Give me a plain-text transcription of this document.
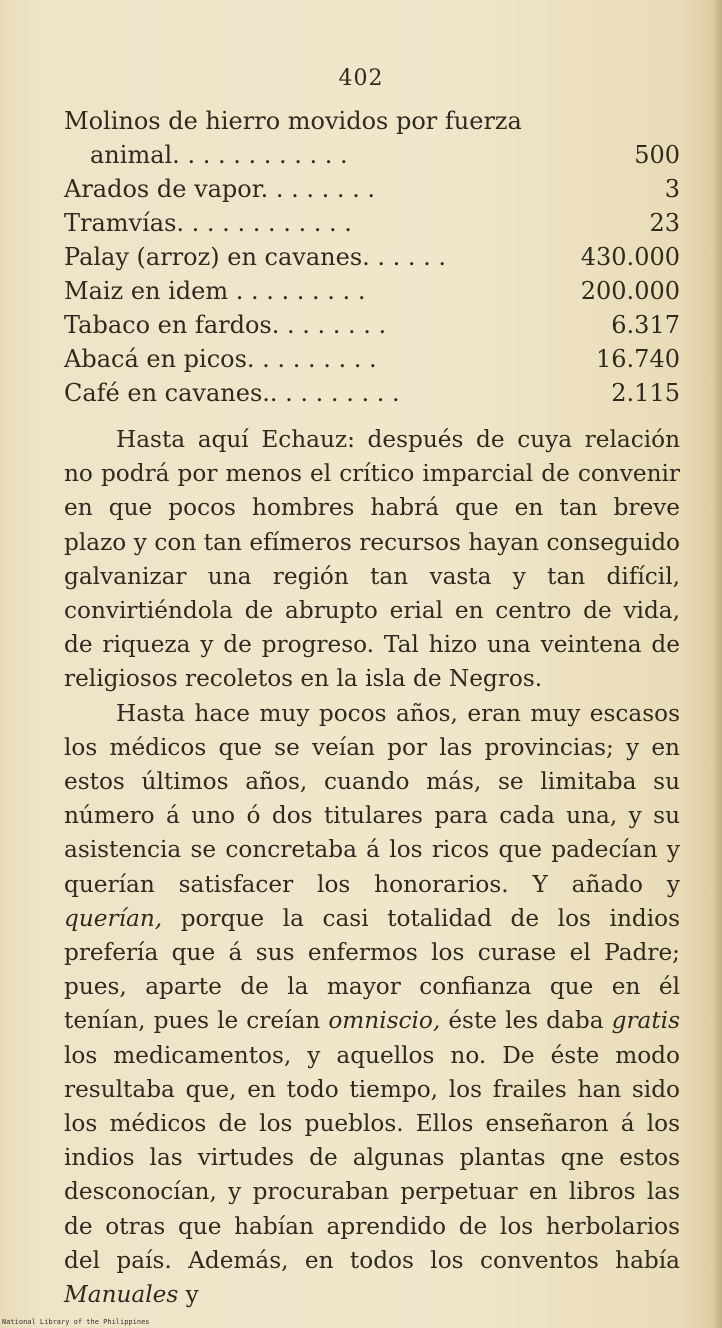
402
Molinos de hierro movidos por fuerza
animal. . . . . . . . . . . .	500
Arados de vapor. . . . . . . .	3
Tramvías. . . . . . . . . . . .	23
Palay (arroz) en cavanes. . . . . .	430.000
Maiz en idem . . . . . . . . .	200.000
Tabaco en fardos. . . . . . . .	6.317
Abacá en picos. . . . . . . . .	16.740
Café en cavanes.. . . . . . . . .	2.115

Hasta aquí Echauz: después de cuya relación no podrá por menos el crítico imparcial de convenir en que pocos hombres habrá que en tan breve plazo y con tan efímeros recursos hayan conseguido galvanizar una región tan vasta y tan difícil, convirtiéndola de abrupto erial en centro de vida, de riqueza y de progreso. Tal hizo una veintena de religiosos recoletos en la isla de Negros.

Hasta hace muy pocos años, eran muy escasos los médicos que se veían por las provincias; y en estos últimos años, cuando más, se limitaba su número á uno ó dos titulares para cada una, y su asistencia se concretaba á los ricos que padecían y querían satisfacer los honorarios. Y añado y querían, porque la casi totalidad de los indios prefería que á sus enfermos los curase el Padre; pues, aparte de la mayor confianza que en él tenían, pues le creían omniscio, éste les daba gratis los medicamentos, y aquellos no. De éste modo resultaba que, en todo tiempo, los frailes han sido los médicos de los pueblos. Ellos enseñaron á los indios las virtudes de algunas plantas qne estos desconocían, y procuraban perpetuar en libros las de otras que habían aprendido de los herbolarios del país. Además, en todos los conventos había Manuales y

National Library of the Philippines
